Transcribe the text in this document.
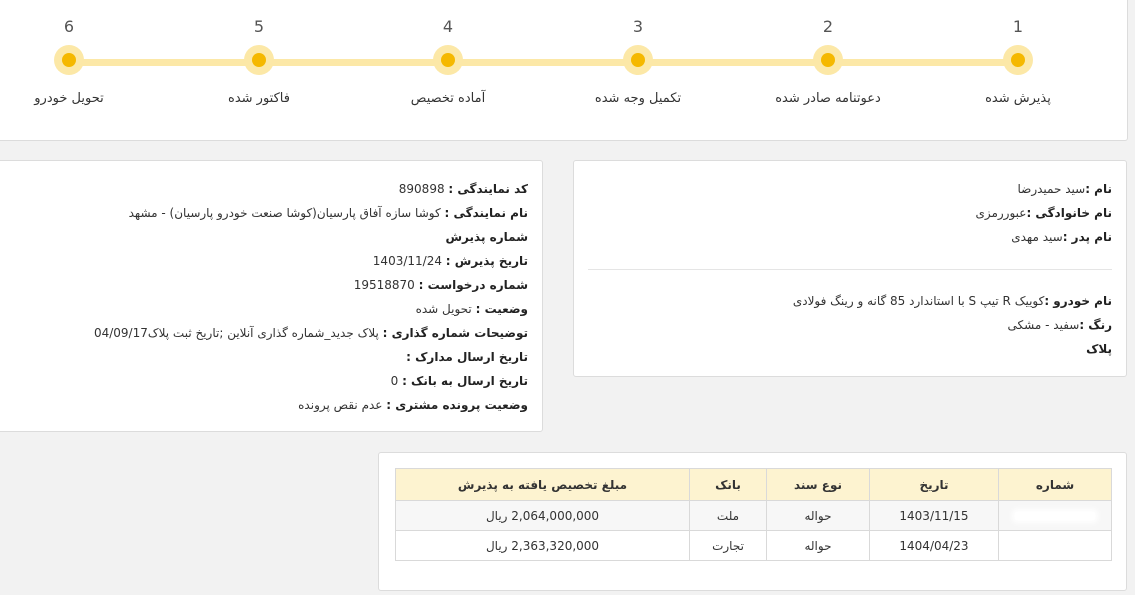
1
پذیرش شده
2
دعوتنامه صادر شده
3
تکمیل وجه شده
4
آماده تخصیص
5
فاکتور شده
6
تحویل خودرو
نام :سید حمیدرضا
نام خانوادگی :عبوررمزی
نام پدر :سید مهدی
نام خودرو :کوییک R تیپ S با استاندارد 85 گانه و رینگ فولادی
رنگ :سفید - مشکی
پلاک
کد نمایندگی : 890898
نام نمایندگی : کوشا سازه آفاق پارسیان(کوشا صنعت خودرو پارسیان) - مشهد
شماره پذیرش
تاریخ پذیرش : 1403/11/24
شماره درخواست : 19518870
وضعیت : تحویل شده
توضیحات شماره گذاری : پلاک جدید_شماره گذاری آنلاین ;تاریخ ثبت پلاک04/09/17
تاریخ ارسال مدارک :
تاریخ ارسال به بانک : 0
وضعیت پرونده مشتری : عدم نقص پرونده
شماره	تاریخ	نوع سند	بانک	مبلغ تخصیص یافته به پذیرش
	1403/11/15	حواله	ملت	2,064,000,000 ریال
	1404/04/23	حواله	تجارت	2,363,320,000 ریال
